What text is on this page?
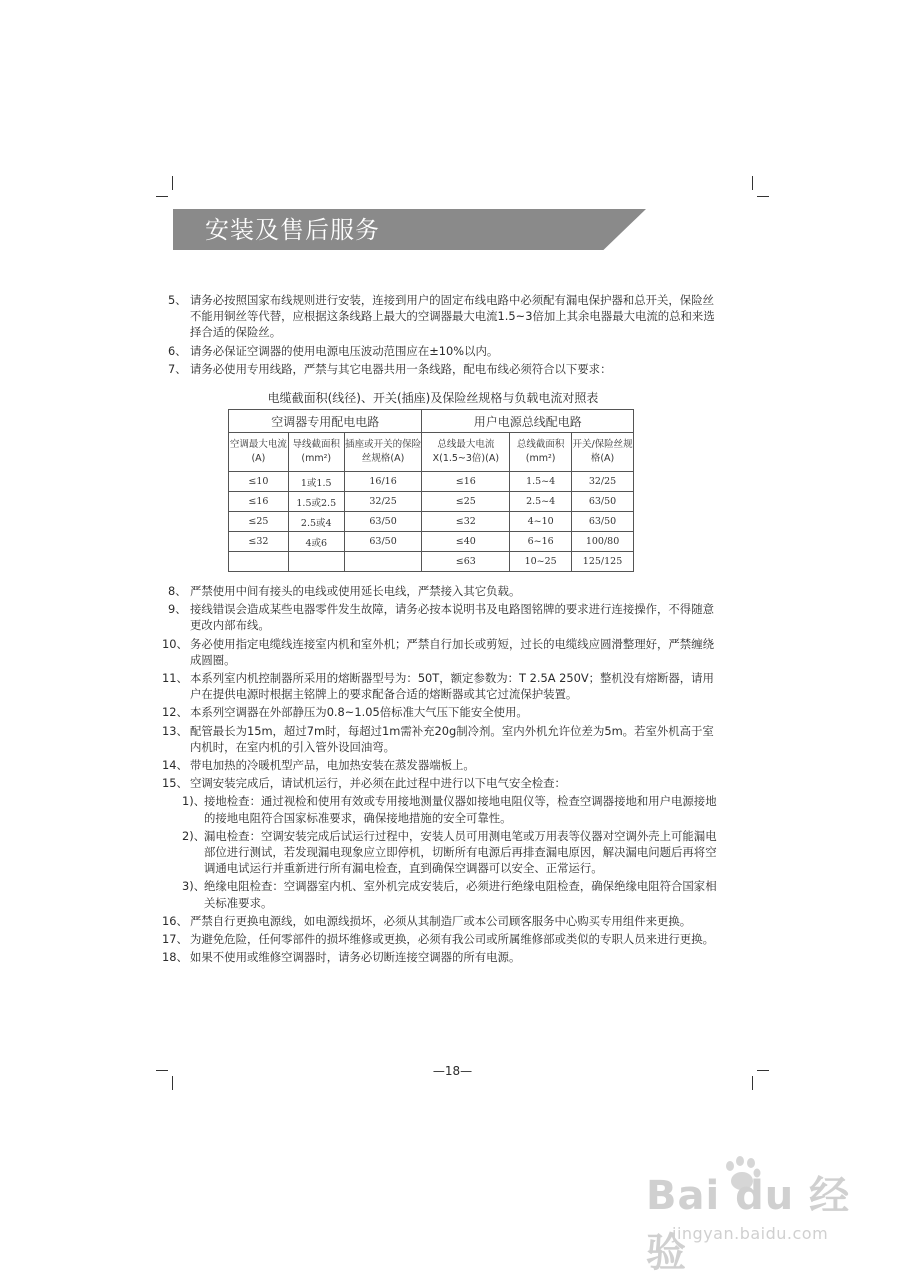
安装及售后服务
5、 请务必按照国家布线规则进行安装，连接到用户的固定布线电路中必须配有漏电保护器和总开关，保险丝不能用铜丝等代替，应根据这条线路上最大的空调器最大电流1.5~3倍加上其余电器最大电流的总和来选择合适的保险丝。
6、 请务必保证空调器的使用电源电压波动范围应在±10%以内。
7、 请务必使用专用线路，严禁与其它电器共用一条线路，配电布线必须符合以下要求：
电缆截面积(线径)、开关(插座)及保险丝规格与负载电流对照表
空调器专用配电电路			用户电源总线配电路		
空调最大电流(A)	导线截面积(mm²)	插座或开关的保险丝规格(A)	总线最大电流X(1.5~3倍)(A)	总线截面积(mm²)	开关/保险丝规格(A)
≤10	1或1.5	16/16	≤16	1.5~4	32/25
≤16	1.5或2.5	32/25	≤25	2.5~4	63/50
≤25	2.5或4	63/50	≤32	4~10	63/50
≤32	4或6	63/50	≤40	6~16	100/80
			≤63	10~25	125/125
8、 严禁使用中间有接头的电线或使用延长电线，严禁接入其它负载。
9、 接线错误会造成某些电器零件发生故障，请务必按本说明书及电路图铭牌的要求进行连接操作，不得随意更改内部布线。
10、 务必使用指定电缆线连接室内机和室外机；严禁自行加长或剪短，过长的电缆线应圆滑整理好，严禁缠绕成圆圈。
11、 本系列室内机控制器所采用的熔断器型号为：50T，额定参数为：T 2.5A 250V；整机没有熔断器，请用户在提供电源时根据主铭牌上的要求配备合适的熔断器或其它过流保护装置。
12、 本系列空调器在外部静压为0.8~1.05倍标准大气压下能安全使用。
13、 配管最长为15m，超过7m时，每超过1m需补充20g制冷剂。室内外机允许位差为5m。若室外机高于室内机时，在室内机的引入管外设回油弯。
14、 带电加热的冷暖机型产品，电加热安装在蒸发器端板上。
15、 空调安装完成后，请试机运行，并必须在此过程中进行以下电气安全检查：
1)、
接地检查：通过视检和使用有效或专用接地测量仪器如接地电阻仪等，检查空调器接地和用户电源接地的接地电阻符合国家标准要求，确保接地措施的安全可靠性。
2)、
漏电检查：空调安装完成后试运行过程中，安装人员可用测电笔或万用表等仪器对空调外壳上可能漏电部位进行测试，若发现漏电现象应立即停机，切断所有电源后再排查漏电原因，解决漏电问题后再将空调通电试运行并重新进行所有漏电检查，直到确保空调器可以安全、正常运行。
3)、
绝缘电阻检查：空调器室内机、室外机完成安装后，必须进行绝缘电阻检查，确保绝缘电阻符合国家相关标准要求。
16、 严禁自行更换电源线，如电源线损坏，必须从其制造厂或本公司顾客服务中心购买专用组件来更换。
17、 为避免危险，任何零部件的损坏维修或更换，必须有我公司或所属维修部或类似的专职人员来进行更换。
18、 如果不使用或维修空调器时，请务必切断连接空调器的所有电源。
—18—
Bai du 经验
jingyan.baidu.com
